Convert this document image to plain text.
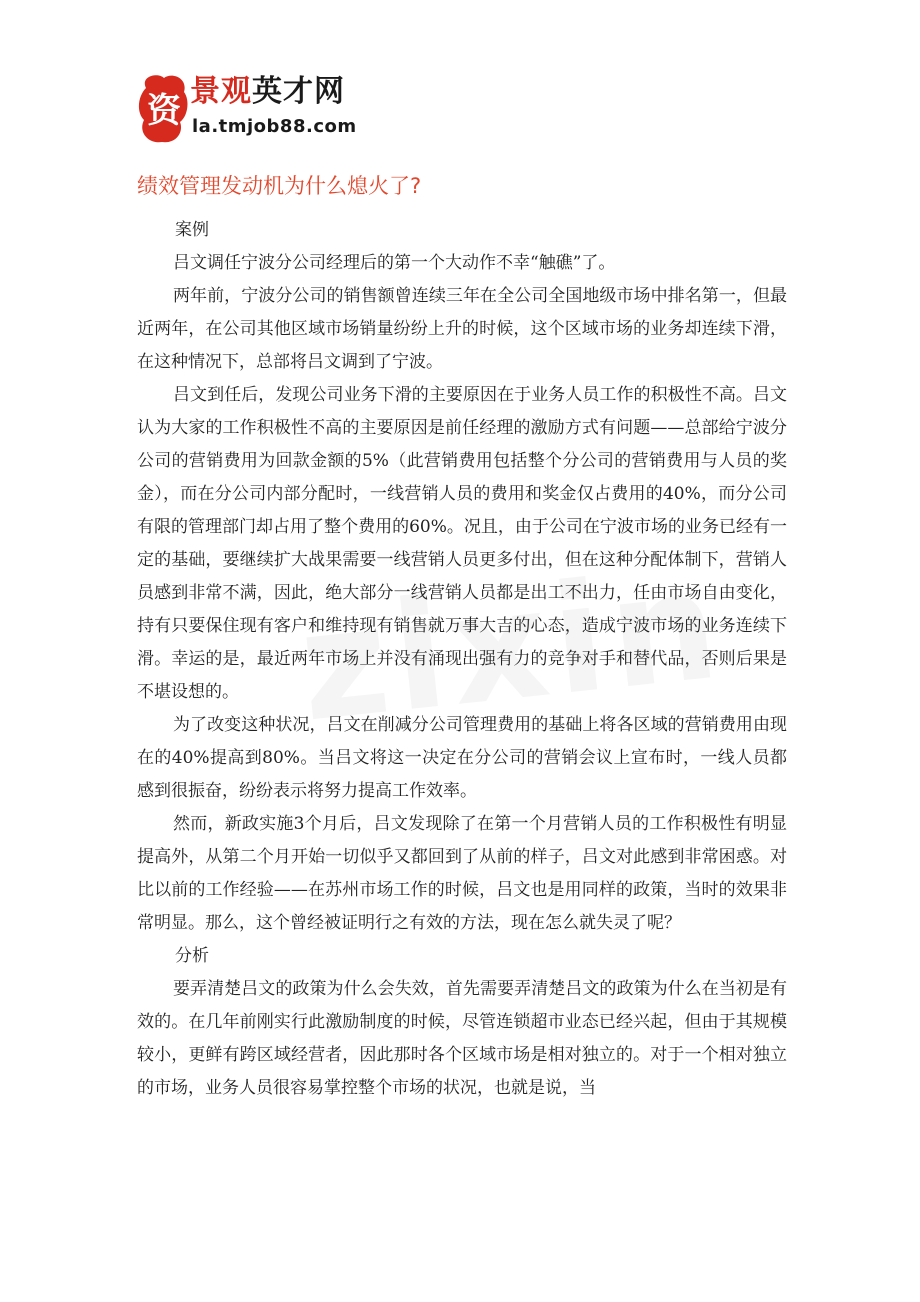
资 景观英才网
la.tmjob88.com
绩效管理发动机为什么熄火了?

案例

吕文调任宁波分公司经理后的第一个大动作不幸“触礁”了。

两年前，宁波分公司的销售额曾连续三年在全公司全国地级市场中排名第一，但最近两年，在公司其他区域市场销量纷纷上升的时候，这个区域市场的业务却连续下滑，在这种情况下，总部将吕文调到了宁波。

吕文到任后，发现公司业务下滑的主要原因在于业务人员工作的积极性不高。吕文认为大家的工作积极性不高的主要原因是前任经理的激励方式有问题——总部给宁波分公司的营销费用为回款金额的5%（此营销费用包括整个分公司的营销费用与人员的奖金），而在分公司内部分配时，一线营销人员的费用和奖金仅占费用的40%，而分公司有限的管理部门却占用了整个费用的60%。况且，由于公司在宁波市场的业务已经有一定的基础，要继续扩大战果需要一线营销人员更多付出，但在这种分配体制下，营销人员感到非常不满，因此，绝大部分一线营销人员都是出工不出力，任由市场自由变化，持有只要保住现有客户和维持现有销售就万事大吉的心态，造成宁波市场的业务连续下滑。幸运的是，最近两年市场上并没有涌现出强有力的竞争对手和替代品，否则后果是不堪设想的。

为了改变这种状况，吕文在削减分公司管理费用的基础上将各区域的营销费用由现在的40%提高到80%。当吕文将这一决定在分公司的营销会议上宣布时，一线人员都感到很振奋，纷纷表示将努力提高工作效率。

然而，新政实施3个月后，吕文发现除了在第一个月营销人员的工作积极性有明显提高外，从第二个月开始一切似乎又都回到了从前的样子，吕文对此感到非常困惑。对比以前的工作经验——在苏州市场工作的时候，吕文也是用同样的政策，当时的效果非常明显。那么，这个曾经被证明行之有效的方法，现在怎么就失灵了呢？

分析

要弄清楚吕文的政策为什么会失效，首先需要弄清楚吕文的政策为什么在当初是有效的。在几年前刚实行此激励制度的时候，尽管连锁超市业态已经兴起，但由于其规模较小，更鲜有跨区域经营者，因此那时各个区域市场是相对独立的。对于一个相对独立的市场，业务人员很容易掌控整个市场的状况，也就是说，当
